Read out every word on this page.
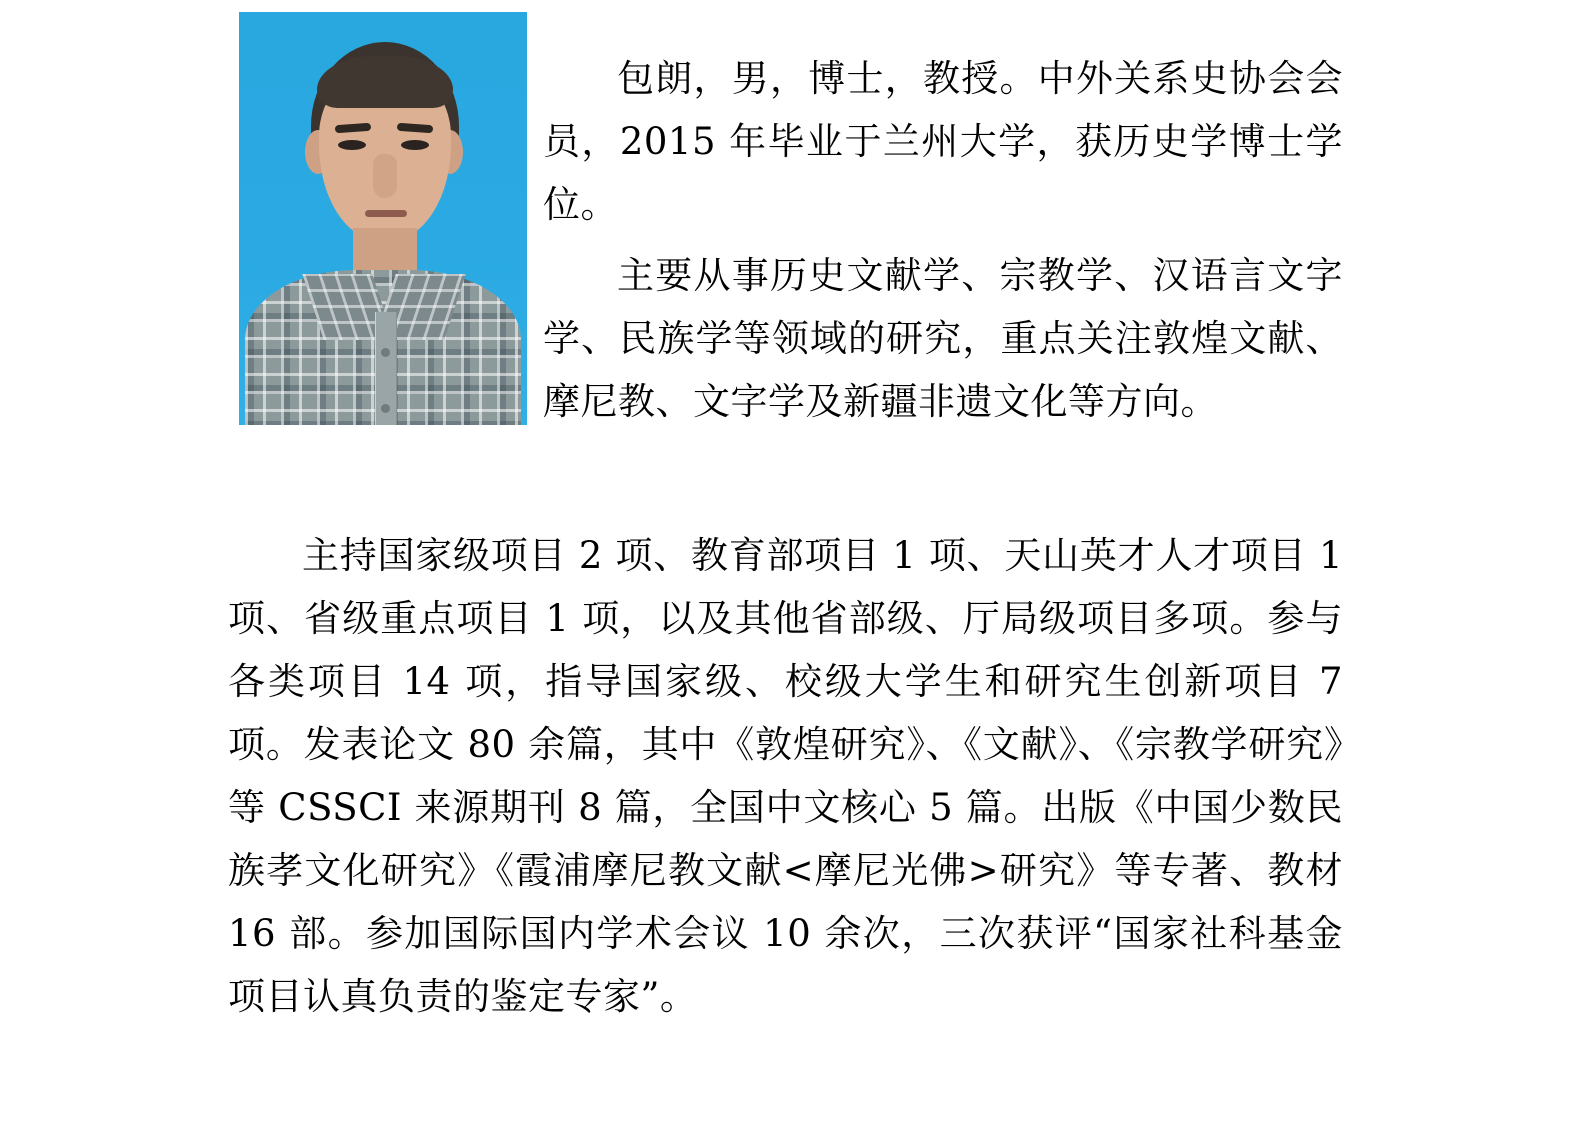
包朗，男，博士，教授。中外关系史协会会员，2015 年毕业于兰州大学，获历史学博士学位。

主要从事历史文献学、宗教学、汉语言文字学、民族学等领域的研究，重点关注敦煌文献、摩尼教、文字学及新疆非遗文化等方向。

主持国家级项目 2 项、教育部项目 1 项、天山英才人才项目 1 项、省级重点项目 1 项，以及其他省部级、厅局级项目多项。参与各类项目 14 项，指导国家级、校级大学生和研究生创新项目 7 项。发表论文 80 余篇，其中《敦煌研究》、《文献》、《宗教学研究》等 CSSCI 来源期刊 8 篇，全国中文核心 5 篇。出版《中国少数民族孝文化研究》《霞浦摩尼教文献<摩尼光佛>研究》等专著、教材 16 部。参加国际国内学术会议 10 余次，三次获评“国家社科基金项目认真负责的鉴定专家”。
